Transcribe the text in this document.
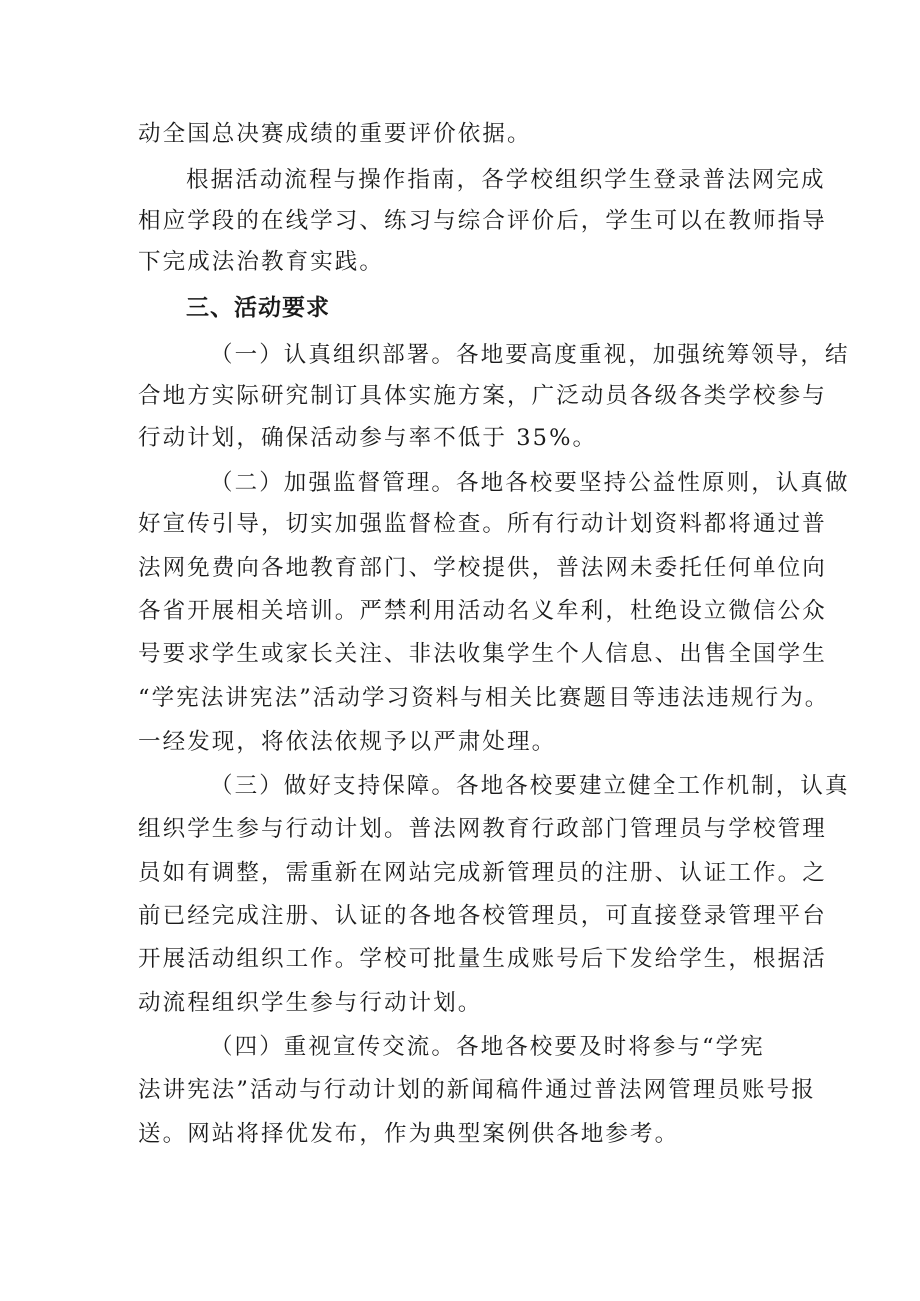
动全国总决赛成绩的重要评价依据。
根据活动流程与操作指南，各学校组织学生登录普法网完成
相应学段的在线学习、练习与综合评价后，学生可以在教师指导
下完成法治教育实践。
三、活动要求
（一）认真组织部署。各地要高度重视，加强统筹领导，结
合地方实际研究制订具体实施方案，广泛动员各级各类学校参与
行动计划，确保活动参与率不低于 35%。
（二）加强监督管理。各地各校要坚持公益性原则，认真做
好宣传引导，切实加强监督检查。所有行动计划资料都将通过普
法网免费向各地教育部门、学校提供，普法网未委托任何单位向
各省开展相关培训。严禁利用活动名义牟利，杜绝设立微信公众
号要求学生或家长关注、非法收集学生个人信息、出售全国学生
“学宪法讲宪法”活动学习资料与相关比赛题目等违法违规行为。
一经发现，将依法依规予以严肃处理。
（三）做好支持保障。各地各校要建立健全工作机制，认真
组织学生参与行动计划。普法网教育行政部门管理员与学校管理
员如有调整，需重新在网站完成新管理员的注册、认证工作。之
前已经完成注册、认证的各地各校管理员，可直接登录管理平台
开展活动组织工作。学校可批量生成账号后下发给学生，根据活
动流程组织学生参与行动计划。
（四）重视宣传交流。各地各校要及时将参与“学宪
法讲宪法”活动与行动计划的新闻稿件通过普法网管理员账号报
送。网站将择优发布，作为典型案例供各地参考。
